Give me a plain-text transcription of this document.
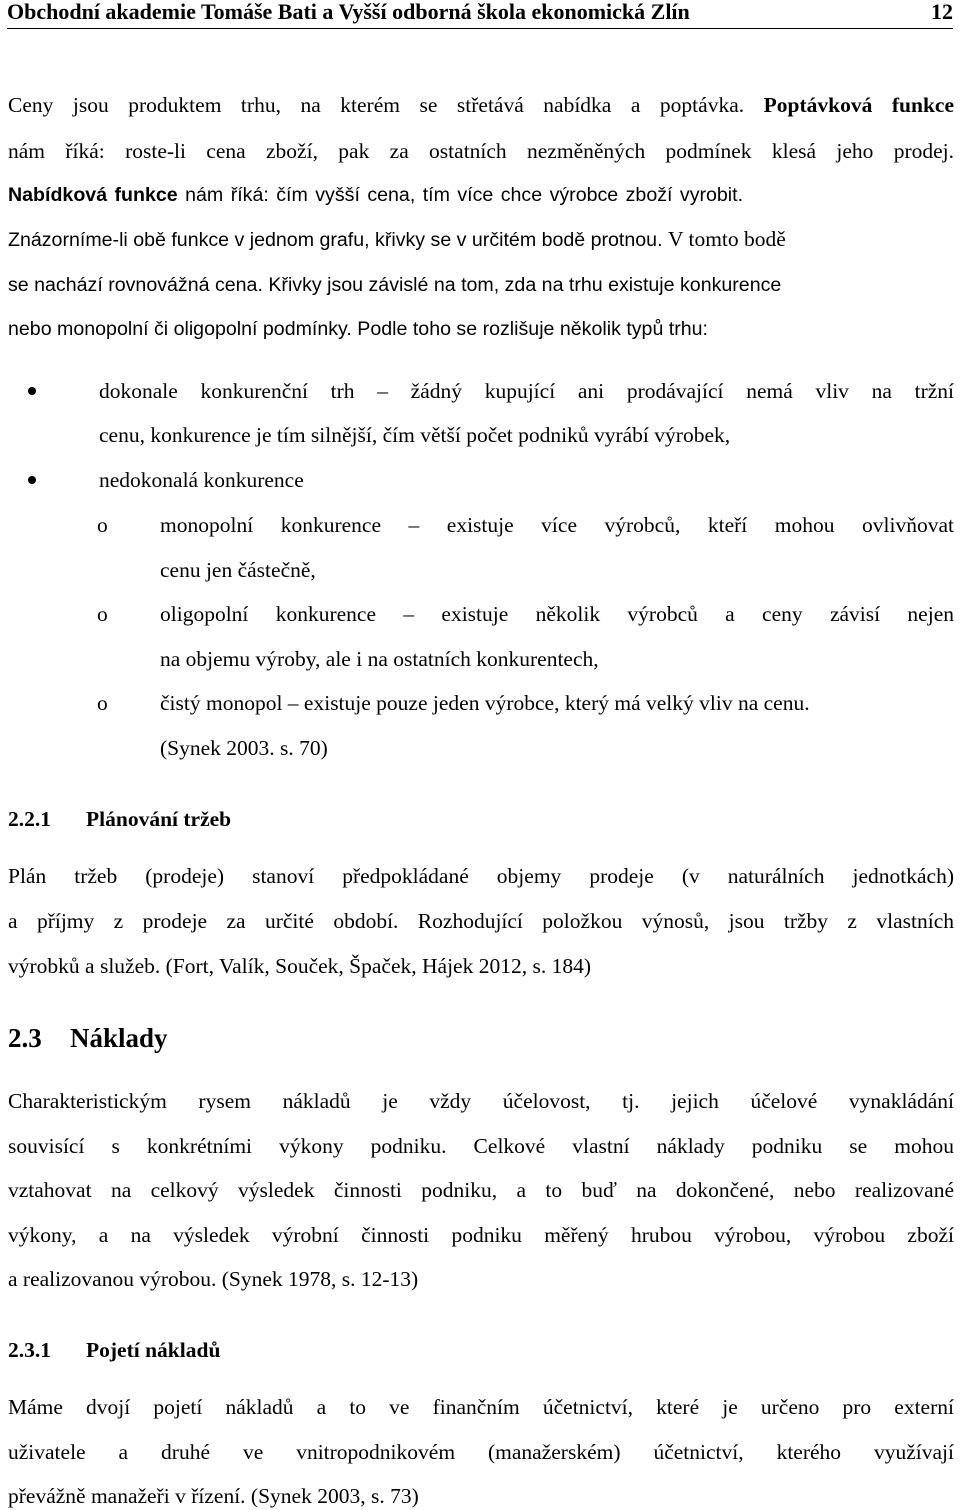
Obchodní akademie Tomáše Bati a Vyšší odborná škola ekonomická Zlín	12
Ceny jsou produktem trhu, na kterém se střetává nabídka a poptávka. Poptávková funkce
nám říká: roste-li cena zboží, pak za ostatních nezměněných podmínek klesá jeho prodej.
Nabídková funkce nám říká: čím vyšší cena, tím více chce výrobce zboží vyrobit.
Znázorníme-li obě funkce v jednom grafu, křivky se v určitém bodě protnou. V tomto bodě
se nachází rovnovážná cena. Křivky jsou závislé na tom, zda na trhu existuje konkurence
nebo monopolní či oligopolní podmínky. Podle toho se rozlišuje několik typů trhu:
dokonale konkurenční trh – žádný kupující ani prodávající nemá vliv na tržní
cenu, konkurence je tím silnější, čím větší počet podniků vyrábí výrobek,
nedokonalá konkurence
o monopolní konkurence – existuje více výrobců, kteří mohou ovlivňovat
cenu jen částečně,
o oligopolní konkurence – existuje několik výrobců a ceny závisí nejen
na objemu výroby, ale i na ostatních konkurentech,
o čistý monopol – existuje pouze jeden výrobce, který má velký vliv na cenu.
(Synek 2003. s. 70)
2.2.1 Plánování tržeb
Plán tržeb (prodeje) stanoví předpokládané objemy prodeje (v naturálních jednotkách)
a příjmy z prodeje za určité období. Rozhodující položkou výnosů, jsou tržby z vlastních
výrobků a služeb. (Fort, Valík, Souček, Špaček, Hájek 2012, s. 184)
2.3 Náklady
Charakteristickým rysem nákladů je vždy účelovost, tj. jejich účelové vynakládání
souvisící s konkrétními výkony podniku. Celkové vlastní náklady podniku se mohou
vztahovat na celkový výsledek činnosti podniku, a to buď na dokončené, nebo realizované
výkony, a na výsledek výrobní činnosti podniku měřený hrubou výrobou, výrobou zboží
a realizovanou výrobou. (Synek 1978, s. 12-13)
2.3.1 Pojetí nákladů
Máme dvojí pojetí nákladů a to ve finančním účetnictví, které je určeno pro externí
uživatele a druhé ve vnitropodnikovém (manažerském) účetnictví, kterého využívají
převážně manažeři v řízení. (Synek 2003, s. 73)
